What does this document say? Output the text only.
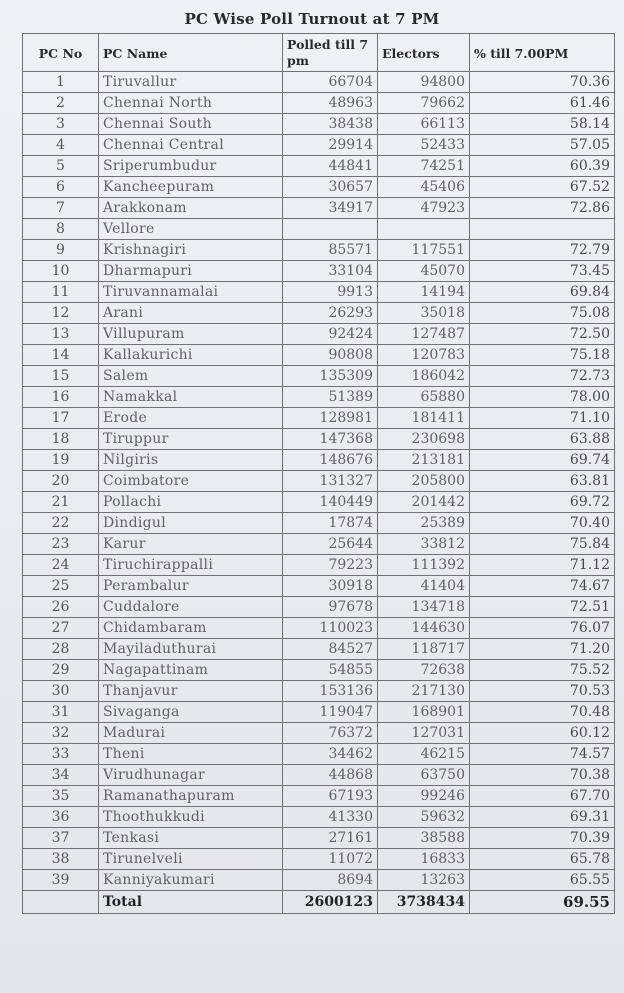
PC Wise Poll Turnout at 7 PM
PC No	PC Name	Polled till 7 pm	Electors	% till 7.00PM
1	Tiruvallur	66704	94800	70.36
2	Chennai North	48963	79662	61.46
3	Chennai South	38438	66113	58.14
4	Chennai Central	29914	52433	57.05
5	Sriperumbudur	44841	74251	60.39
6	Kancheepuram	30657	45406	67.52
7	Arakkonam	34917	47923	72.86
8	Vellore			
9	Krishnagiri	85571	117551	72.79
10	Dharmapuri	33104	45070	73.45
11	Tiruvannamalai	9913	14194	69.84
12	Arani	26293	35018	75.08
13	Villupuram	92424	127487	72.50
14	Kallakurichi	90808	120783	75.18
15	Salem	135309	186042	72.73
16	Namakkal	51389	65880	78.00
17	Erode	128981	181411	71.10
18	Tiruppur	147368	230698	63.88
19	Nilgiris	148676	213181	69.74
20	Coimbatore	131327	205800	63.81
21	Pollachi	140449	201442	69.72
22	Dindigul	17874	25389	70.40
23	Karur	25644	33812	75.84
24	Tiruchirappalli	79223	111392	71.12
25	Perambalur	30918	41404	74.67
26	Cuddalore	97678	134718	72.51
27	Chidambaram	110023	144630	76.07
28	Mayiladuthurai	84527	118717	71.20
29	Nagapattinam	54855	72638	75.52
30	Thanjavur	153136	217130	70.53
31	Sivaganga	119047	168901	70.48
32	Madurai	76372	127031	60.12
33	Theni	34462	46215	74.57
34	Virudhunagar	44868	63750	70.38
35	Ramanathapuram	67193	99246	67.70
36	Thoothukkudi	41330	59632	69.31
37	Tenkasi	27161	38588	70.39
38	Tirunelveli	11072	16833	65.78
39	Kanniyakumari	8694	13263	65.55
	Total	2600123	3738434	69.55
